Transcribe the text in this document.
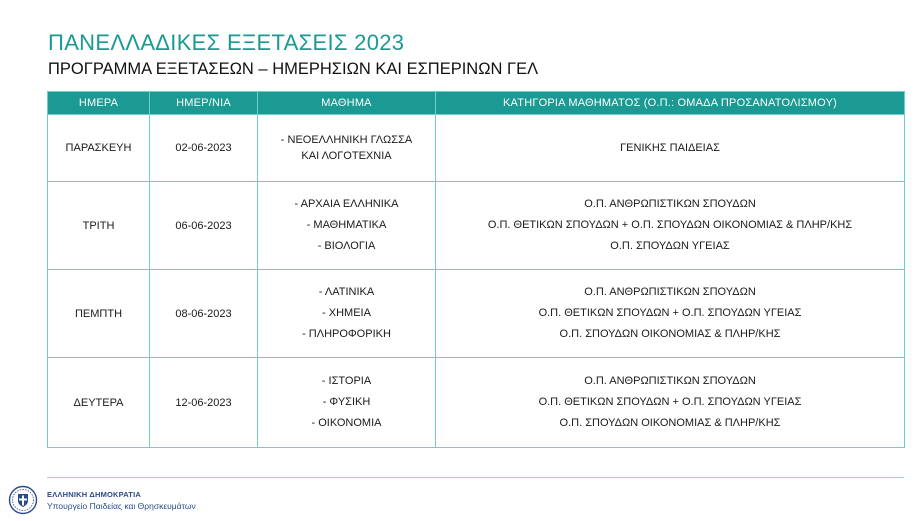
ΠΑΝΕΛΛΑΔΙΚΕΣ ΕΞΕΤΑΣΕΙΣ 2023
ΠΡΟΓΡΑΜΜΑ ΕΞΕΤΑΣΕΩΝ – ΗΜΕΡΗΣΙΩΝ ΚΑΙ ΕΣΠΕΡΙΝΩΝ ΓΕΛ
ΗΜΕΡΑ	ΗΜΕΡ/ΝΙΑ	ΜΑΘΗΜΑ	ΚΑΤΗΓΟΡΙΑ ΜΑΘΗΜΑΤΟΣ (Ο.Π.: ΟΜΑΔΑ ΠΡΟΣΑΝΑΤΟΛΙΣΜΟΥ)
ΠΑΡΑΣΚΕΥΗ	02-06-2023	- ΝΕΟΕΛΛΗΝΙΚΗ ΓΛΩΣΣΑ
ΚΑΙ ΛΟΓΟΤΕΧΝΙΑ	ΓΕΝΙΚΗΣ ΠΑΙΔΕΙΑΣ

ΤΡΙΤΗ	06-06-2023	- ΑΡΧΑΙΑ ΕΛΛΗΝΙΚΑ
- ΜΑΘΗΜΑΤΙΚΑ
- ΒΙΟΛΟΓΙΑ	Ο.Π. ΑΝΘΡΩΠΙΣΤΙΚΩΝ ΣΠΟΥΔΩΝ
Ο.Π. ΘΕΤΙΚΩΝ ΣΠΟΥΔΩΝ + Ο.Π. ΣΠΟΥΔΩΝ ΟΙΚΟΝΟΜΙΑΣ & ΠΛΗΡ/ΚΗΣ
Ο.Π. ΣΠΟΥΔΩΝ ΥΓΕΙΑΣ

ΠΕΜΠΤΗ	08-06-2023	- ΛΑΤΙΝΙΚΑ
- ΧΗΜΕΙΑ
- ΠΛΗΡΟΦΟΡΙΚΗ	Ο.Π. ΑΝΘΡΩΠΙΣΤΙΚΩΝ ΣΠΟΥΔΩΝ
Ο.Π. ΘΕΤΙΚΩΝ ΣΠΟΥΔΩΝ + Ο.Π. ΣΠΟΥΔΩΝ ΥΓΕΙΑΣ
Ο.Π. ΣΠΟΥΔΩΝ ΟΙΚΟΝΟΜΙΑΣ & ΠΛΗΡ/ΚΗΣ

ΔΕΥΤΕΡΑ	12-06-2023	- ΙΣΤΟΡΙΑ
- ΦΥΣΙΚΗ
- ΟΙΚΟΝΟΜΙΑ	Ο.Π. ΑΝΘΡΩΠΙΣΤΙΚΩΝ ΣΠΟΥΔΩΝ
Ο.Π. ΘΕΤΙΚΩΝ ΣΠΟΥΔΩΝ + Ο.Π. ΣΠΟΥΔΩΝ ΥΓΕΙΑΣ
Ο.Π. ΣΠΟΥΔΩΝ ΟΙΚΟΝΟΜΙΑΣ & ΠΛΗΡ/ΚΗΣ
ΕΛΛΗΝΙΚΗ ΔΗΜΟΚΡΑΤΙΑ
Υπουργείο Παιδείας και Θρησκευμάτων
